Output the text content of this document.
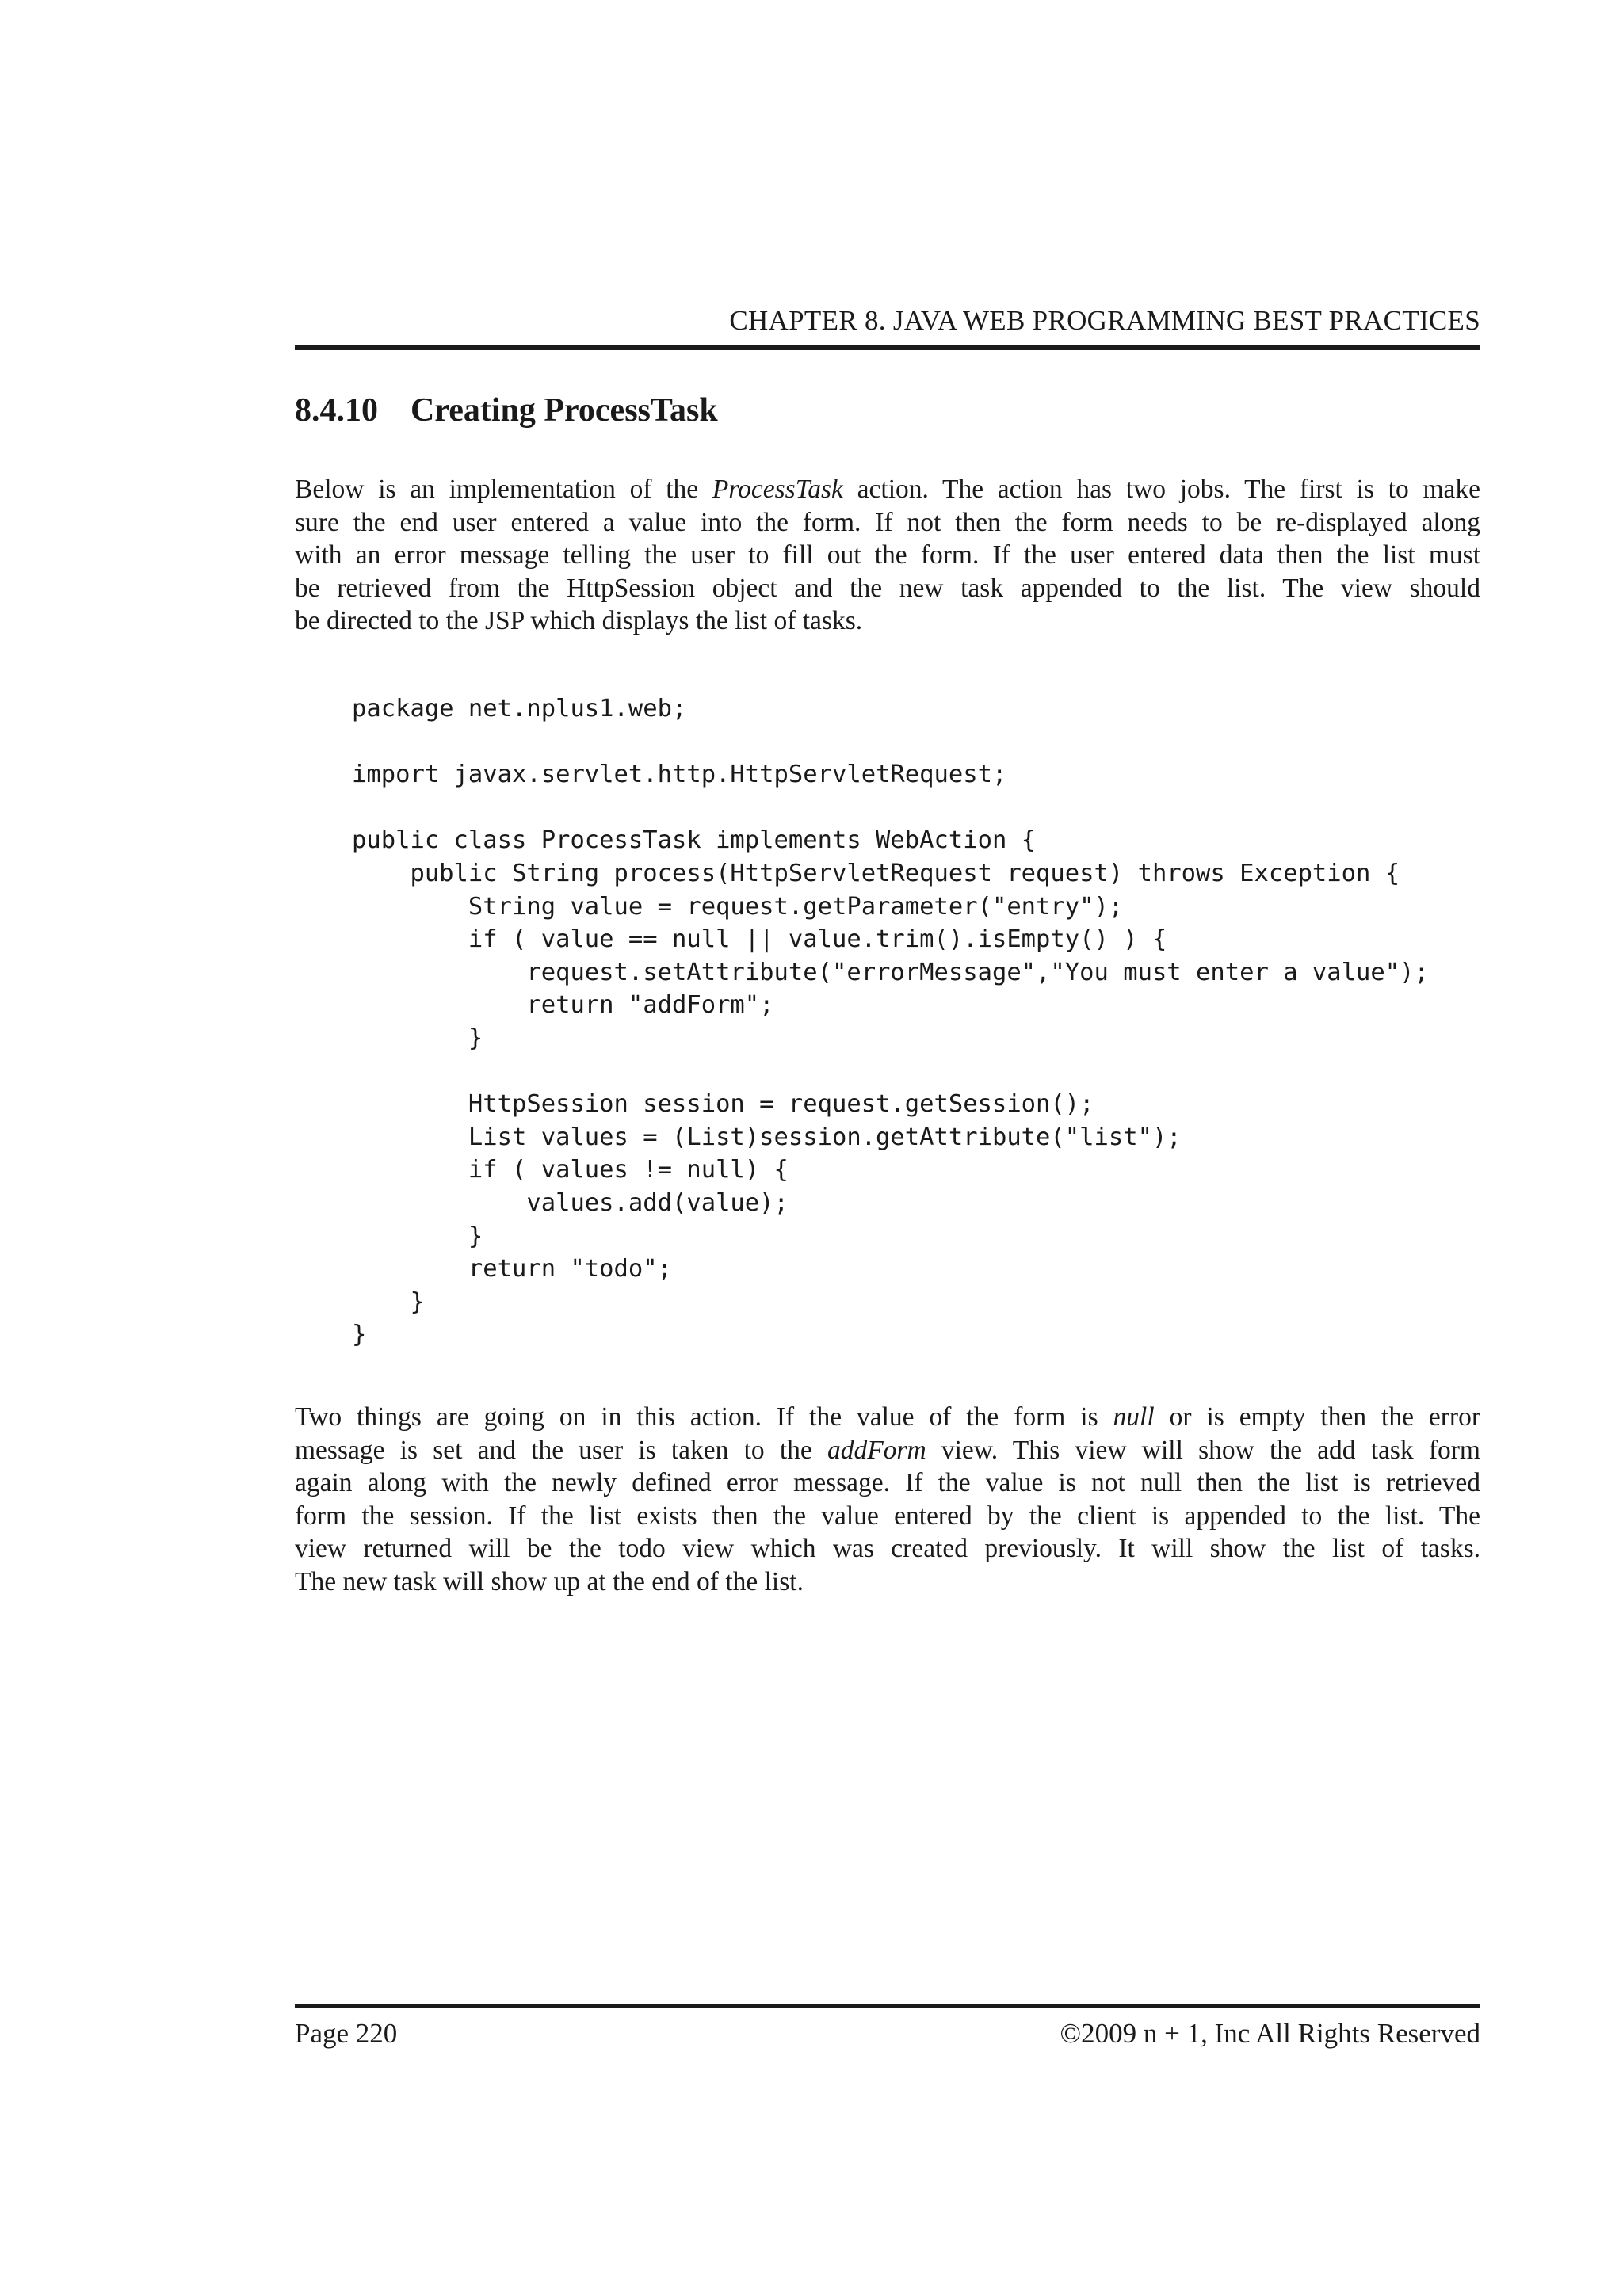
CHAPTER 8. JAVA WEB PROGRAMMING BEST PRACTICES
8.4.10 Creating ProcessTask

Below is an implementation of the ProcessTask action. The action has two jobs. The first is to make
sure the end user entered a value into the form. If not then the form needs to be re-displayed along
with an error message telling the user to fill out the form. If the user entered data then the list must
be retrieved from the HttpSession object and the new task appended to the list. The view should
be directed to the JSP which displays the list of tasks.

package net.nplus1.web;
import javax.servlet.http.HttpServletRequest;
public class ProcessTask implements WebAction {
public String process(HttpServletRequest request) throws Exception {
String value = request.getParameter("entry");
if ( value == null || value.trim().isEmpty() ) {
request.setAttribute("errorMessage","You must enter a value");
return "addForm";
}
HttpSession session = request.getSession();
List values = (List)session.getAttribute("list");
if ( values != null) {
values.add(value);
}
return "todo";
}
}

Two things are going on in this action. If the value of the form is null or is empty then the error
message is set and the user is taken to the addForm view. This view will show the add task form
again along with the newly defined error message. If the value is not null then the list is retrieved
form the session. If the list exists then the value entered by the client is appended to the list. The
view returned will be the todo view which was created previously. It will show the list of tasks.
The new task will show up at the end of the list.

Page 220	©2009 n + 1, Inc All Rights Reserved
